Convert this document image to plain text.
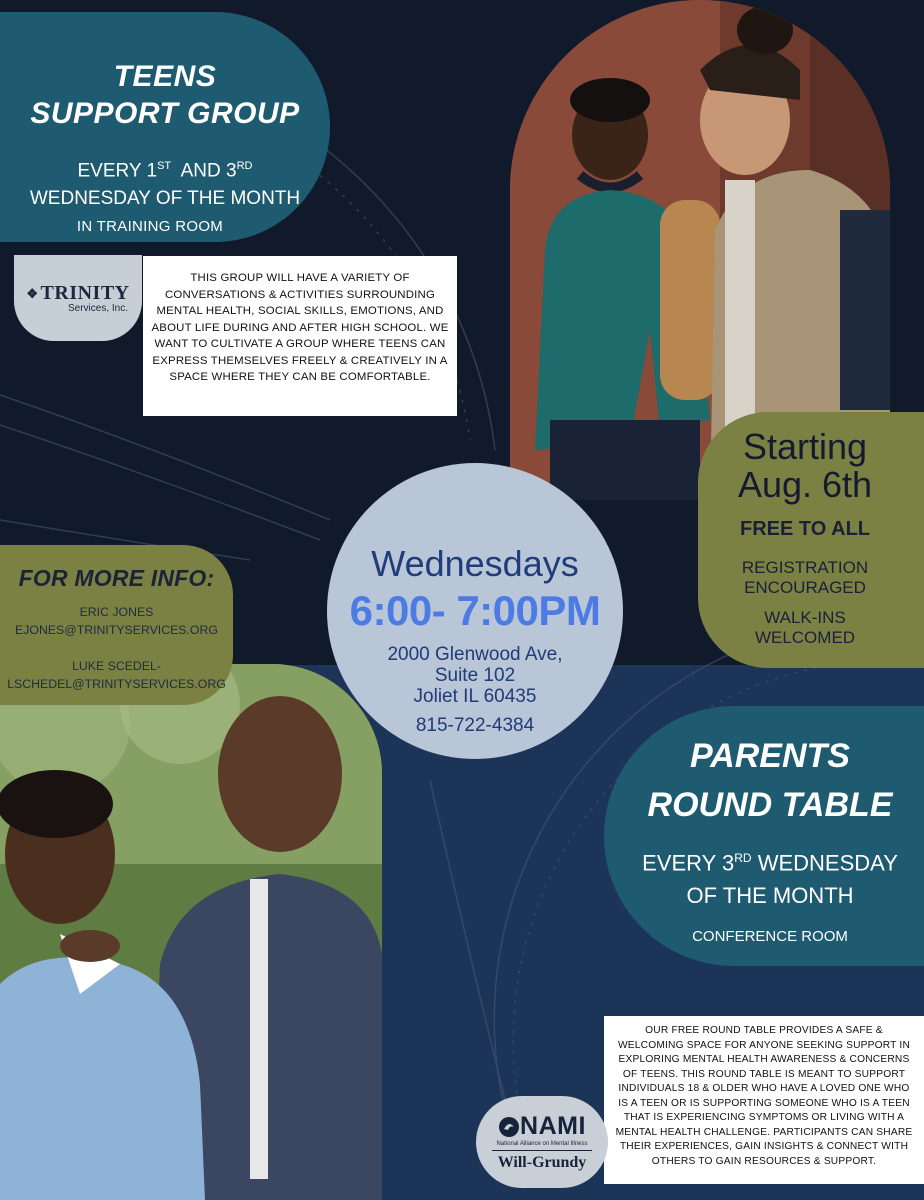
TEENS
SUPPORT GROUP
EVERY 1ST  AND 3RD
WEDNESDAY OF THE MONTH
IN TRAINING ROOM
❖ TRINITY
Services, Inc.
THIS GROUP WILL HAVE A VARIETY OF CONVERSATIONS & ACTIVITIES SURROUNDING MENTAL HEALTH, SOCIAL SKILLS, EMOTIONS, AND ABOUT LIFE DURING AND AFTER HIGH SCHOOL. WE WANT TO CULTIVATE A GROUP WHERE TEENS CAN EXPRESS THEMSELVES FREELY & CREATIVELY IN A SPACE WHERE THEY CAN BE COMFORTABLE.
Starting
Aug. 6th
FREE TO ALL
REGISTRATION
ENCOURAGED
WALK-INS
WELCOMED
FOR MORE INFO:
ERIC JONES
EJONES@TRINITYSERVICES.ORG
LUKE SCEDEL-
LSCHEDEL@TRINITYSERVICES.ORG
Wednesdays
6:00- 7:00PM
2000 Glenwood Ave,
Suite 102
Joliet IL 60435
815-722-4384
PARENTS
ROUND TABLE
EVERY 3RD WEDNESDAY
OF THE MONTH
CONFERENCE ROOM
OUR FREE ROUND TABLE PROVIDES A SAFE & WELCOMING SPACE FOR ANYONE SEEKING SUPPORT IN EXPLORING MENTAL HEALTH AWARENESS & CONCERNS OF TEENS. THIS ROUND TABLE IS MEANT TO SUPPORT INDIVIDUALS 18 & OLDER WHO HAVE A LOVED ONE WHO IS A TEEN OR IS SUPPORTING SOMEONE WHO IS A TEEN THAT IS EXPERIENCING SYMPTOMS OR LIVING WITH A MENTAL HEALTH CHALLENGE. PARTICIPANTS CAN SHARE THEIR EXPERIENCES, GAIN INSIGHTS & CONNECT WITH OTHERS TO GAIN RESOURCES & SUPPORT.
NAMI
National Alliance on Mental Illness
Will-Grundy
